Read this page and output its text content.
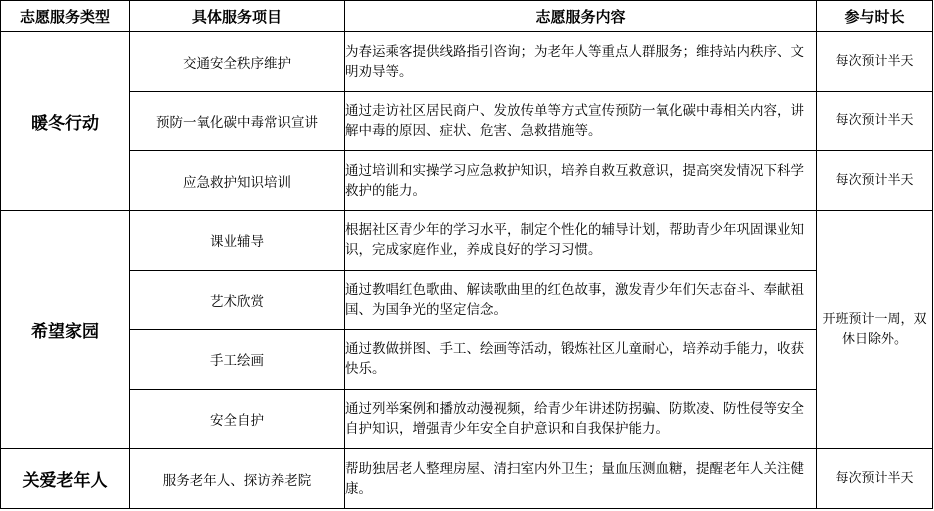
志愿服务类型	具体服务项目	志愿服务内容	参与时长
暖冬行动	交通安全秩序维护	为春运乘客提供线路指引咨询；为老年人等重点人群服务；维持站内秩序、文明劝导等。	每次预计半天
	预防一氧化碳中毒常识宣讲	通过走访社区居民商户、发放传单等方式宣传预防一氧化碳中毒相关内容，讲解中毒的原因、症状、危害、急救措施等。	每次预计半天
	应急救护知识培训	通过培训和实操学习应急救护知识，培养自救互救意识，提高突发情况下科学救护的能力。	每次预计半天
希望家园	课业辅导	根据社区青少年的学习水平，制定个性化的辅导计划，帮助青少年巩固课业知识，完成家庭作业，养成良好的学习习惯。	开班预计一周，双休日除外。
	艺术欣赏	通过教唱红色歌曲、解读歌曲里的红色故事，激发青少年们矢志奋斗、奉献祖国、为国争光的坚定信念。	
	手工绘画	通过教做拼图、手工、绘画等活动，锻炼社区儿童耐心，培养动手能力，收获快乐。	
	安全自护	通过列举案例和播放动漫视频，给青少年讲述防拐骗、防欺凌、防性侵等安全自护知识，增强青少年安全自护意识和自我保护能力。	
关爱老年人	服务老年人、探访养老院	帮助独居老人整理房屋、清扫室内外卫生；量血压测血糖，提醒老年人关注健康。	每次预计半天
